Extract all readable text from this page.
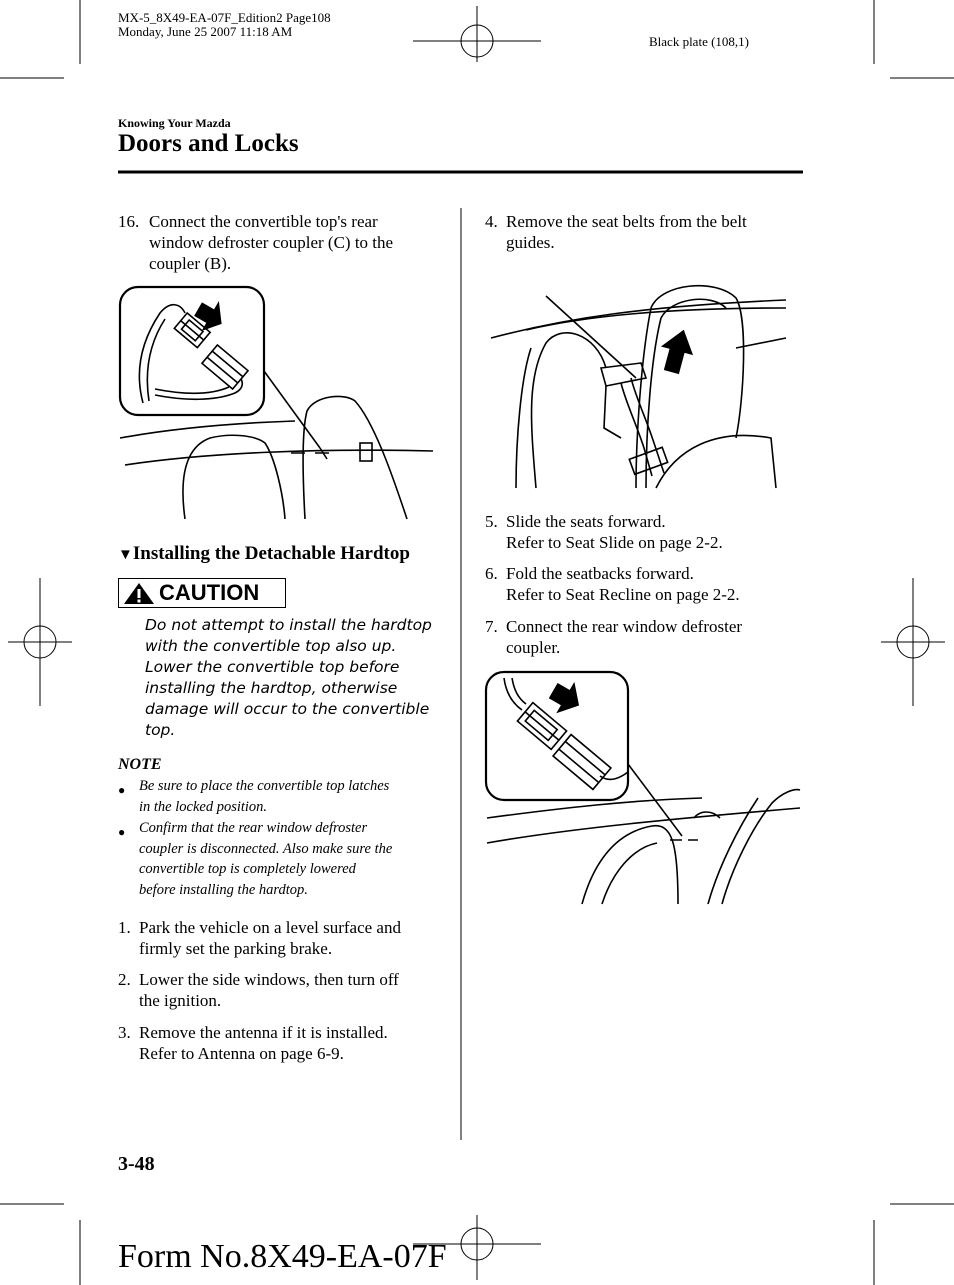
MX-5_8X49-EA-07F_Edition2 Page108
Monday, June 25 2007 11:18 AM
Black plate (108,1)
Knowing Your Mazda
Doors and Locks
16. Connect the convertible top's rear
window defroster coupler (C) to the
coupler (B).
▼Installing the Detachable Hardtop
CAUTION
Do not attempt to install the hardtop
with the convertible top also up.
Lower the convertible top before
installing the hardtop, otherwise
damage will occur to the convertible
top.
NOTE
● Be sure to place the convertible top latches
in the locked position.
● Confirm that the rear window defroster
coupler is disconnected. Also make sure the
convertible top is completely lowered
before installing the hardtop.
1. Park the vehicle on a level surface and
firmly set the parking brake.
2. Lower the side windows, then turn off
the ignition.
3. Remove the antenna if it is installed.
Refer to Antenna on page 6-9.
4. Remove the seat belts from the belt
guides.
5. Slide the seats forward.
Refer to Seat Slide on page 2-2.
6. Fold the seatbacks forward.
Refer to Seat Recline on page 2-2.
7. Connect the rear window defroster
coupler.
3-48
Form No.8X49-EA-07F
